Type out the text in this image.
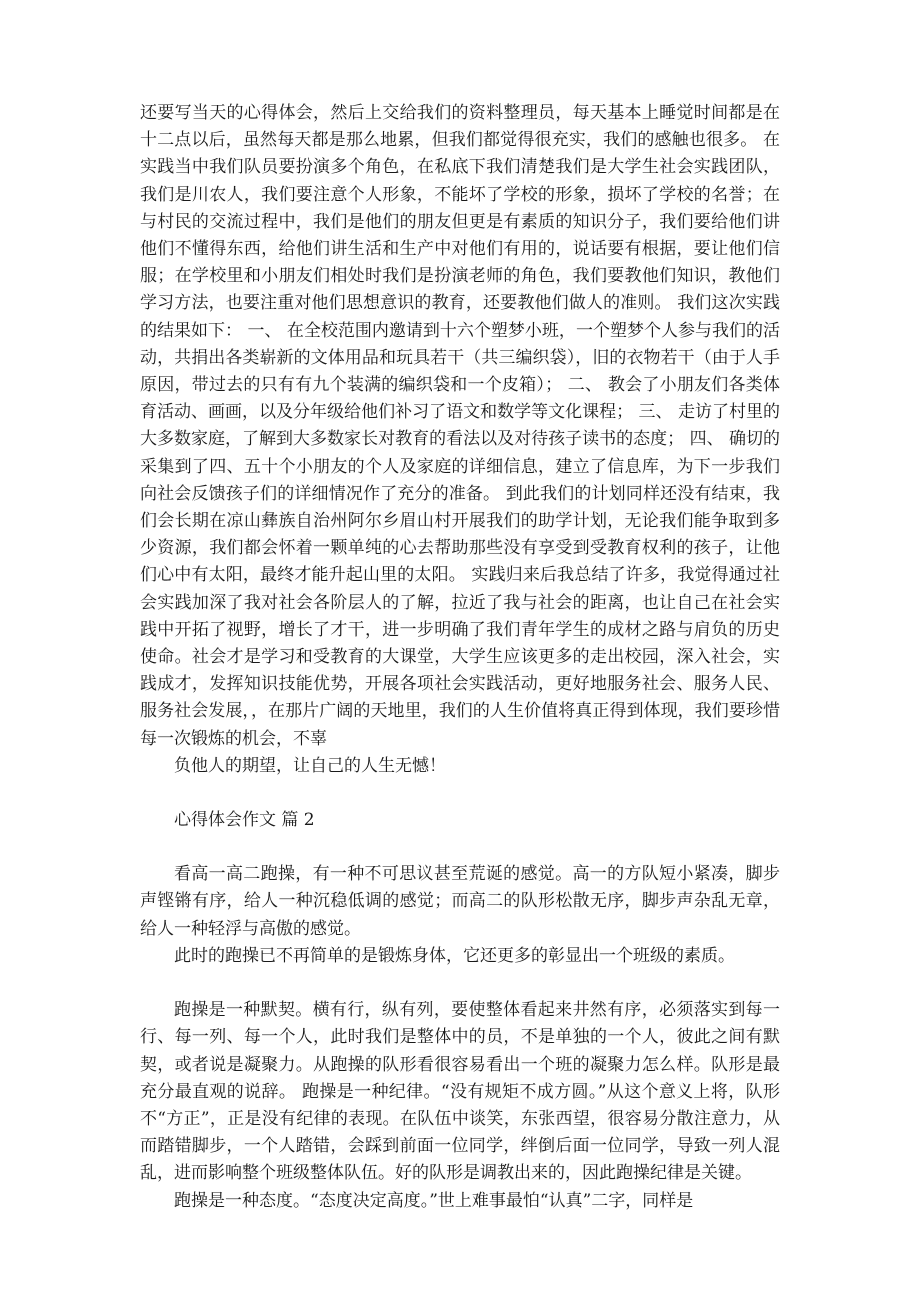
还要写当天的心得体会，然后上交给我们的资料整理员，每天基本上睡觉时间都是在十二点以后，虽然每天都是那么地累，但我们都觉得很充实，我们的感触也很多。 在实践当中我们队员要扮演多个角色，在私底下我们清楚我们是大学生社会实践团队，我们是川农人，我们要注意个人形象，不能坏了学校的形象，损坏了学校的名誉；在与村民的交流过程中，我们是他们的朋友但更是有素质的知识分子，我们要给他们讲他们不懂得东西，给他们讲生活和生产中对他们有用的，说话要有根据，要让他们信服；在学校里和小朋友们相处时我们是扮演老师的角色，我们要教他们知识，教他们学习方法，也要注重对他们思想意识的教育，还要教他们做人的准则。 我们这次实践的结果如下： 一、 在全校范围内邀请到十六个塑梦小班，一个塑梦个人参与我们的活动，共捐出各类崭新的文体用品和玩具若干（共三编织袋），旧的衣物若干（由于人手原因，带过去的只有有九个装满的编织袋和一个皮箱）； 二、 教会了小朋友们各类体育活动、画画，以及分年级给他们补习了语文和数学等文化课程； 三、 走访了村里的大多数家庭，了解到大多数家长对教育的看法以及对待孩子读书的态度； 四、 确切的采集到了四、五十个小朋友的个人及家庭的详细信息，建立了信息库，为下一步我们向社会反馈孩子们的详细情况作了充分的准备。 到此我们的计划同样还没有结束，我们会长期在凉山彝族自治州阿尔乡眉山村开展我们的助学计划，无论我们能争取到多少资源，我们都会怀着一颗单纯的心去帮助那些没有享受到受教育权利的孩子，让他们心中有太阳，最终才能升起山里的太阳。 实践归来后我总结了许多，我觉得通过社会实践加深了我对社会各阶层人的了解，拉近了我与社会的距离，也让自己在社会实践中开拓了视野，增长了才干，进一步明确了我们青年学生的成材之路与肩负的历史使命。社会才是学习和受教育的大课堂，大学生应该更多的走出校园，深入社会，实践成才，发挥知识技能优势，开展各项社会实践活动，更好地服务社会、服务人民、服务社会发展，，在那片广阔的天地里，我们的人生价值将真正得到体现，我们要珍惜每一次锻炼的机会，不辜

负他人的期望，让自己的人生无憾！

心得体会作文 篇 2

看高一高二跑操，有一种不可思议甚至荒诞的感觉。高一的方队短小紧凑，脚步声铿锵有序，给人一种沉稳低调的感觉；而高二的队形松散无序，脚步声杂乱无章，给人一种轻浮与高傲的感觉。

此时的跑操已不再简单的是锻炼身体，它还更多的彰显出一个班级的素质。

跑操是一种默契。横有行，纵有列，要使整体看起来井然有序，必须落实到每一行、每一列、每一个人，此时我们是整体中的员，不是单独的一个人，彼此之间有默契，或者说是凝聚力。从跑操的队形看很容易看出一个班的凝聚力怎么样。队形是最充分最直观的说辞。 跑操是一种纪律。“没有规矩不成方圆。”从这个意义上将，队形不“方正”，正是没有纪律的表现。在队伍中谈笑，东张西望，很容易分散注意力，从而踏错脚步，一个人踏错，会踩到前面一位同学，绊倒后面一位同学，导致一列人混乱，进而影响整个班级整体队伍。好的队形是调教出来的，因此跑操纪律是关键。

跑操是一种态度。“态度决定高度。”世上难事最怕“认真”二字，同样是
